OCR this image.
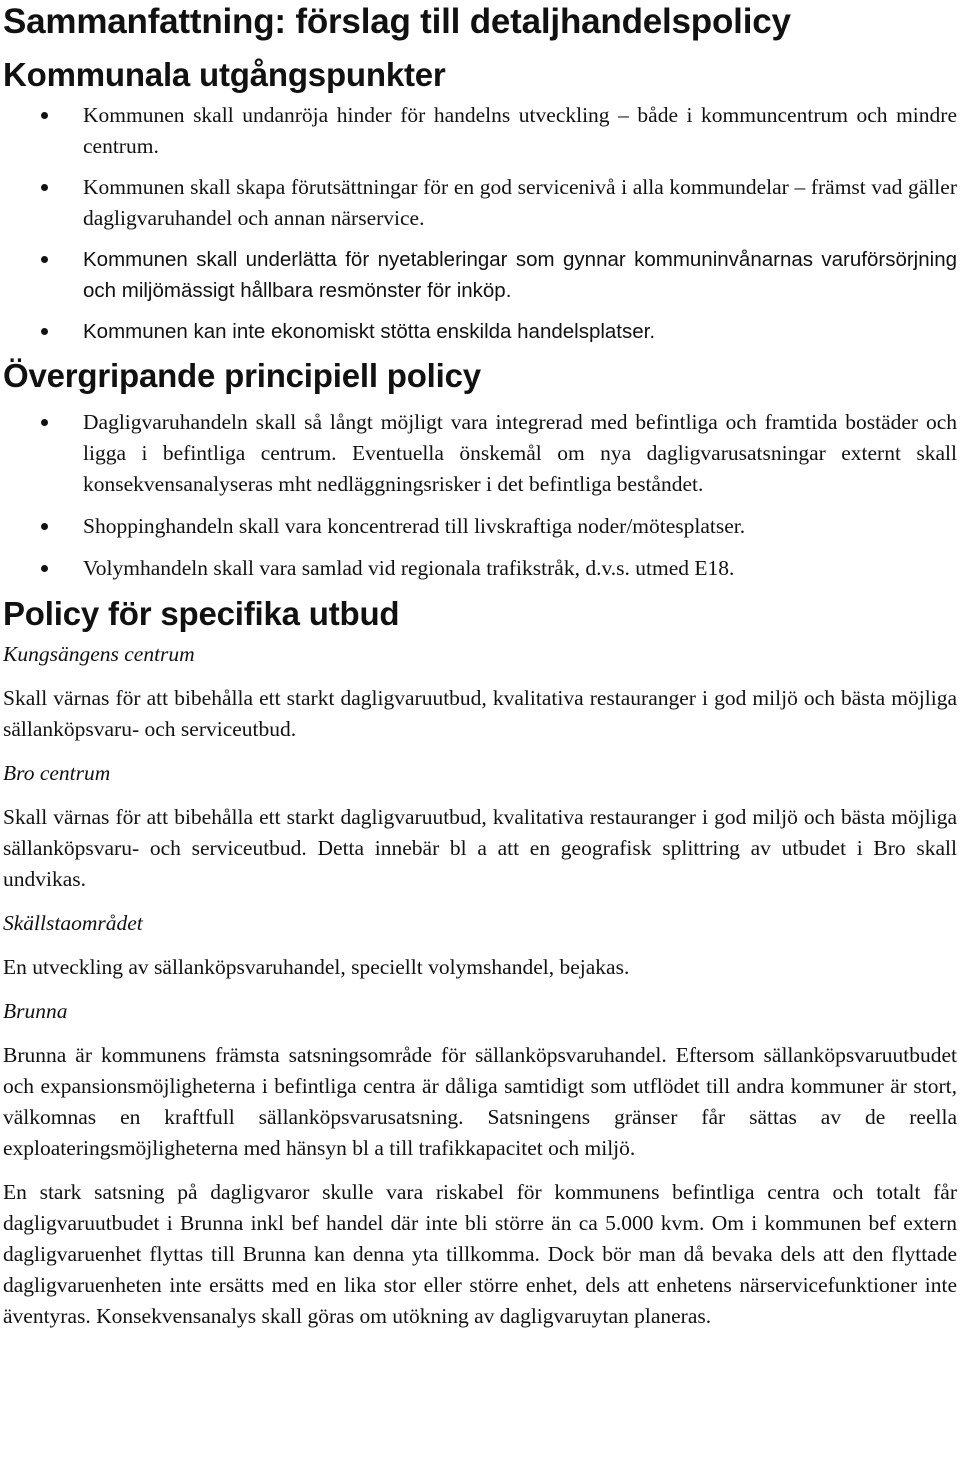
Sammanfattning: förslag till detaljhandelspolicy
Kommunala utgångspunkter
Kommunen skall undanröja hinder för handelns utveckling – både i kommuncentrum och mindre centrum.
Kommunen skall skapa förutsättningar för en god servicenivå i alla kommundelar – främst vad gäller dagligvaruhandel och annan närservice.
Kommunen skall underlätta för nyetableringar som gynnar kommuninvånarnas varuförsörjning och miljömässigt hållbara resmönster för inköp.
Kommunen kan inte ekonomiskt stötta enskilda handelsplatser.
Övergripande principiell policy
Dagligvaruhandeln skall så långt möjligt vara integrerad med befintliga och framtida bostäder och ligga i befintliga centrum. Eventuella önskemål om nya dagligvarusatsningar externt skall konsekvensanalyseras mht nedläggningsrisker i det befintliga beståndet.
Shoppinghandeln skall vara koncentrerad till livskraftiga noder/mötesplatser.
Volymhandeln skall vara samlad vid regionala trafikstråk, d.v.s. utmed E18.
Policy för specifika utbud

Kungsängens centrum

Skall värnas för att bibehålla ett starkt dagligvaruutbud, kvalitativa restauranger i god miljö och bästa möjliga sällanköpsvaru- och serviceutbud.

Bro centrum

Skall värnas för att bibehålla ett starkt dagligvaruutbud, kvalitativa restauranger i god miljö och bästa möjliga sällanköpsvaru- och serviceutbud. Detta innebär bl a att en geografisk splittring av utbudet i Bro skall undvikas.

Skällstaområdet

En utveckling av sällanköpsvaruhandel, speciellt volymshandel, bejakas.

Brunna

Brunna är kommunens främsta satsningsområde för sällanköpsvaruhandel. Eftersom sällanköpsvaruutbudet och expansionsmöjligheterna i befintliga centra är dåliga samtidigt som utflödet till andra kommuner är stort, välkomnas en kraftfull sällanköpsvarusatsning. Satsningens gränser får sättas av de reella exploateringsmöjligheterna med hänsyn bl a till trafikkapacitet och miljö.

En stark satsning på dagligvaror skulle vara riskabel för kommunens befintliga centra och totalt får dagligvaruutbudet i Brunna inkl bef handel där inte bli större än ca 5.000 kvm. Om i kommunen bef extern dagligvaruenhet flyttas till Brunna kan denna yta tillkomma. Dock bör man då bevaka dels att den flyttade dagligvaruenheten inte ersätts med en lika stor eller större enhet, dels att enhetens närservicefunktioner inte äventyras. Konsekvensanalys skall göras om utökning av dagligvaruytan planeras.
